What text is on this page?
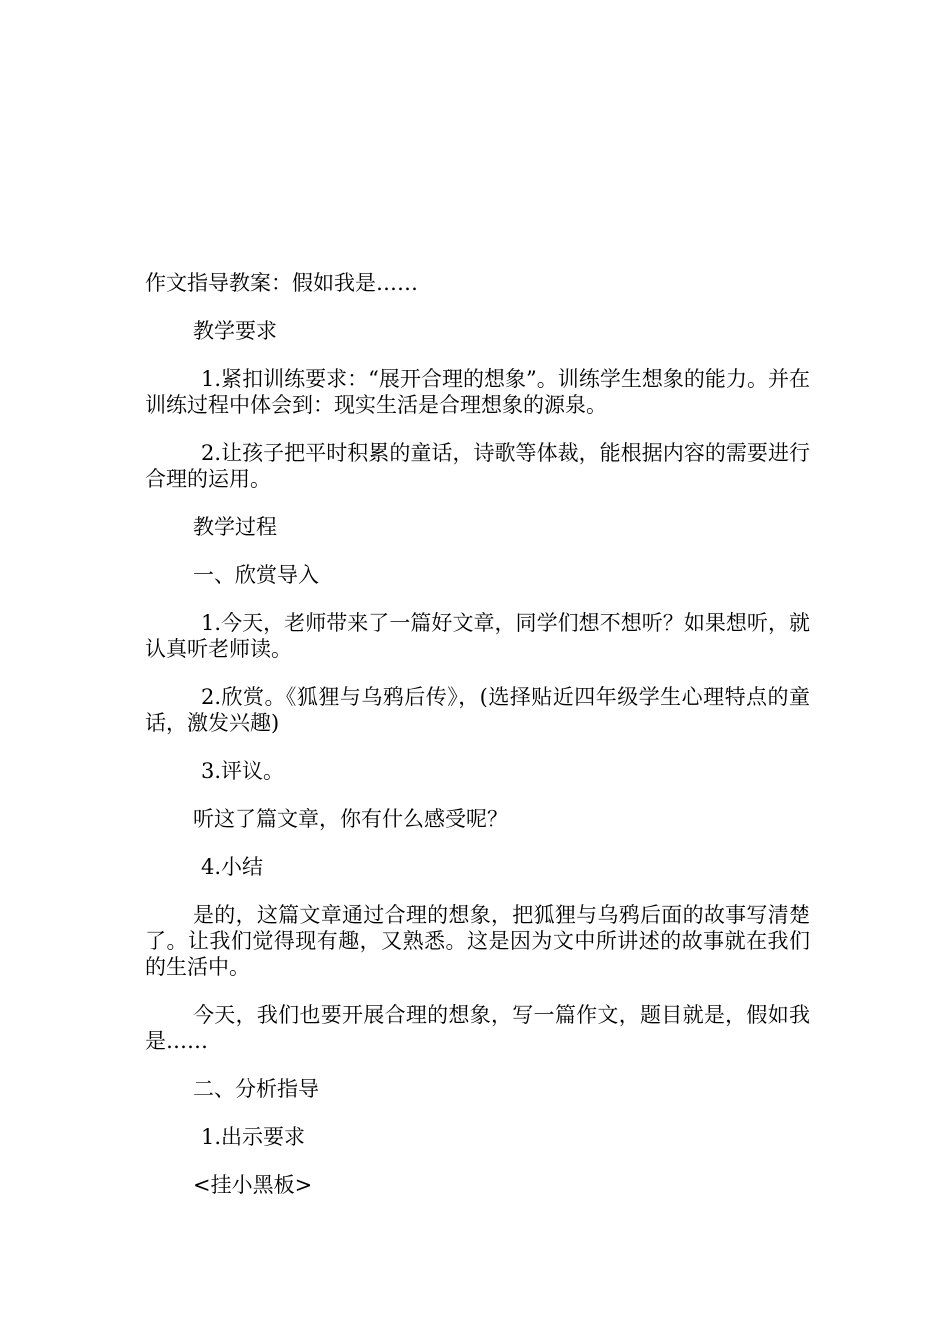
作文指导教案：假如我是……

教学要求

1.紧扣训练要求：“展开合理的想象”。训练学生想象的能力。并在训练过程中体会到：现实生活是合理想象的源泉。

2.让孩子把平时积累的童话，诗歌等体裁，能根据内容的需要进行合理的运用。

教学过程

一、欣赏导入

1.今天，老师带来了一篇好文章，同学们想不想听？如果想听，就认真听老师读。

2.欣赏。《狐狸与乌鸦后传》，(选择贴近四年级学生心理特点的童话，激发兴趣)

3.评议。

听这了篇文章，你有什么感受呢？

4.小结

是的，这篇文章通过合理的想象，把狐狸与乌鸦后面的故事写清楚了。让我们觉得现有趣，又熟悉。这是因为文中所讲述的故事就在我们的生活中。

今天，我们也要开展合理的想象，写一篇作文，题目就是，假如我是……

二、分析指导

1.出示要求

<挂小黑板>
